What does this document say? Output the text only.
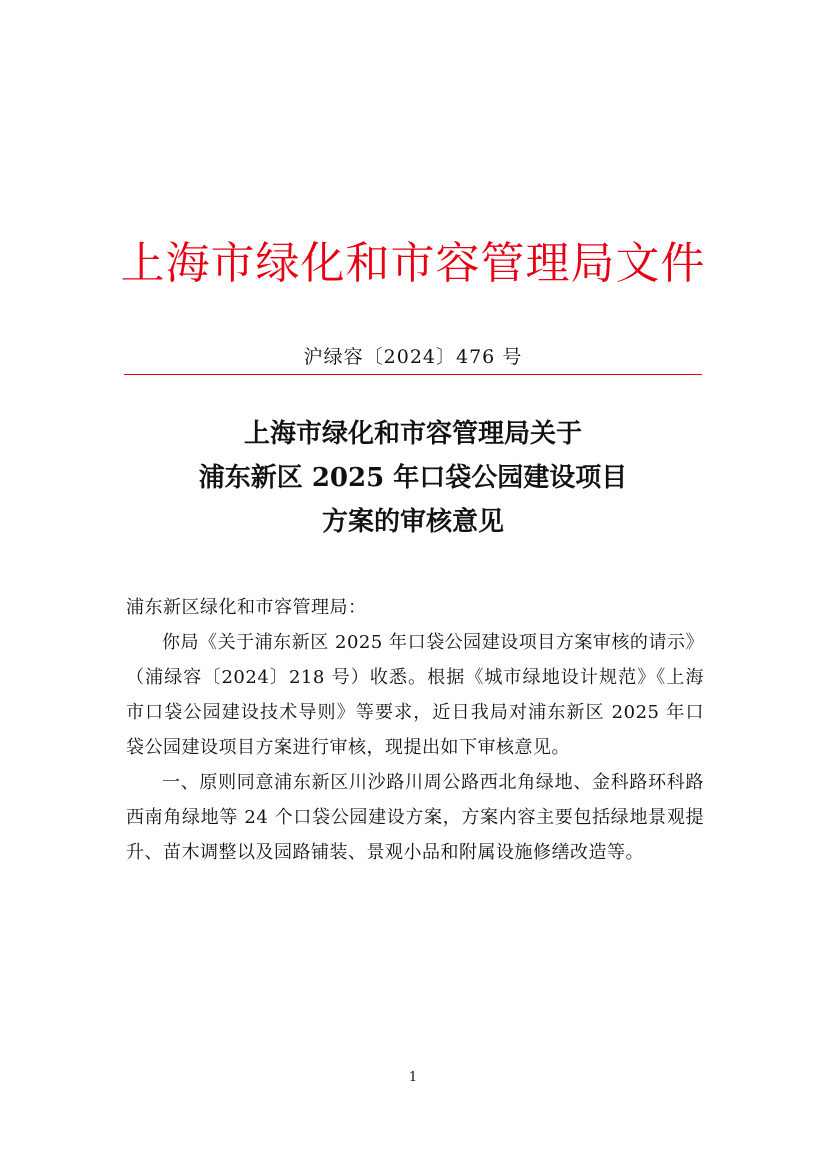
上海市绿化和市容管理局文件
沪绿容〔2024〕476 号
上海市绿化和市容管理局关于
浦东新区 2025 年口袋公园建设项目
方案的审核意见
浦东新区绿化和市容管理局：
你局《关于浦东新区 2025 年口袋公园建设项目方案审核的请示》（浦绿容〔2024〕218 号）收悉。根据《城市绿地设计规范》《上海市口袋公园建设技术导则》等要求，近日我局对浦东新区 2025 年口袋公园建设项目方案进行审核，现提出如下审核意见。
一、原则同意浦东新区川沙路川周公路西北角绿地、金科路环科路西南角绿地等 24 个口袋公园建设方案，方案内容主要包括绿地景观提升、苗木调整以及园路铺装、景观小品和附属设施修缮改造等。
1
